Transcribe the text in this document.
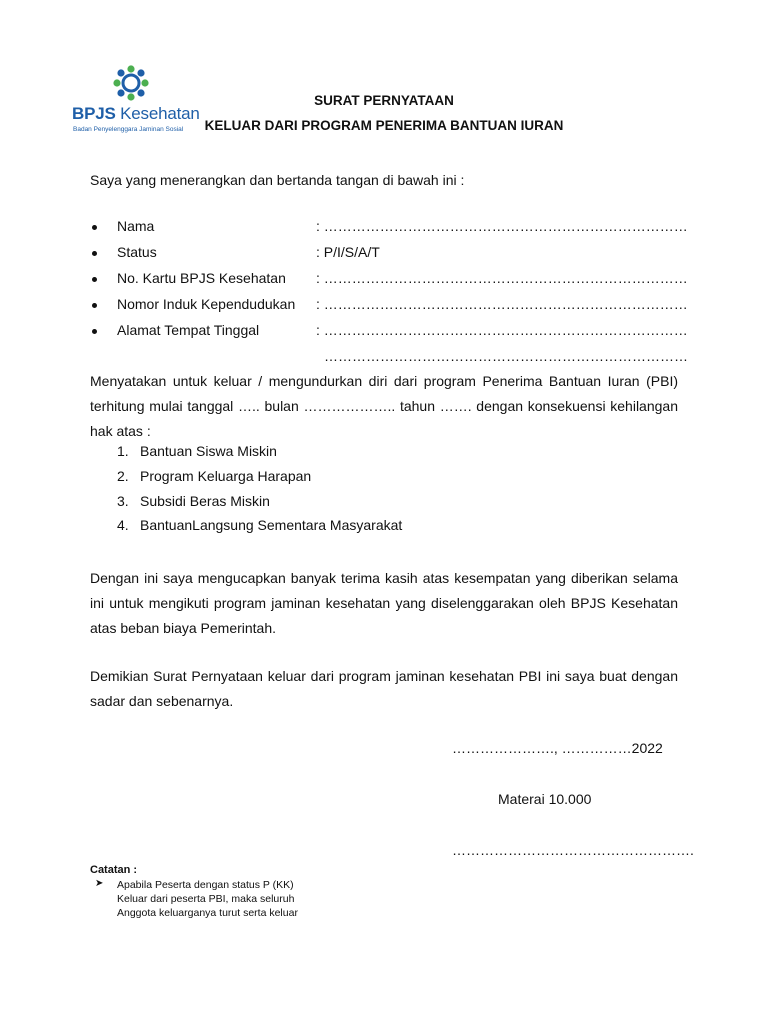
BPJS Kesehatan
Badan Penyelenggara Jaminan Sosial
SURAT PERNYATAAN
KELUAR DARI PROGRAM PENERIMA BANTUAN IURAN
Saya yang menerangkan dan bertanda tangan di bawah ini :
Nama	: ……………………………………………………………………
Status	: P/I/S/A/T
No. Kartu BPJS Kesehatan : ……………………………………………………………………
Nomor Induk Kependudukan : ……………………………………………………………………
Alamat Tempat Tinggal	: ……………………………………………………………………
……………………………………………………………………
Menyatakan untuk keluar / mengundurkan diri dari program Penerima Bantuan Iuran (PBI) terhitung mulai tanggal ….. bulan ……………….. tahun ……. dengan konsekuensi kehilangan hak atas :
1. Bantuan Siswa Miskin
2. Program Keluarga Harapan
3. Subsidi Beras Miskin
4. BantuanLangsung Sementara Masyarakat
Dengan ini saya mengucapkan banyak terima kasih atas kesempatan yang diberikan selama ini untuk mengikuti program jaminan kesehatan yang diselenggarakan oleh BPJS Kesehatan atas beban biaya Pemerintah.
Demikian Surat Pernyataan keluar dari program jaminan kesehatan PBI ini saya buat dengan sadar dan sebenarnya.
…………………., ……………2022
Materai 10.000
…………………………………………….
Catatan :
➤ Apabila Peserta dengan status P (KK)
Keluar dari peserta PBI, maka seluruh
Anggota keluarganya turut serta keluar
